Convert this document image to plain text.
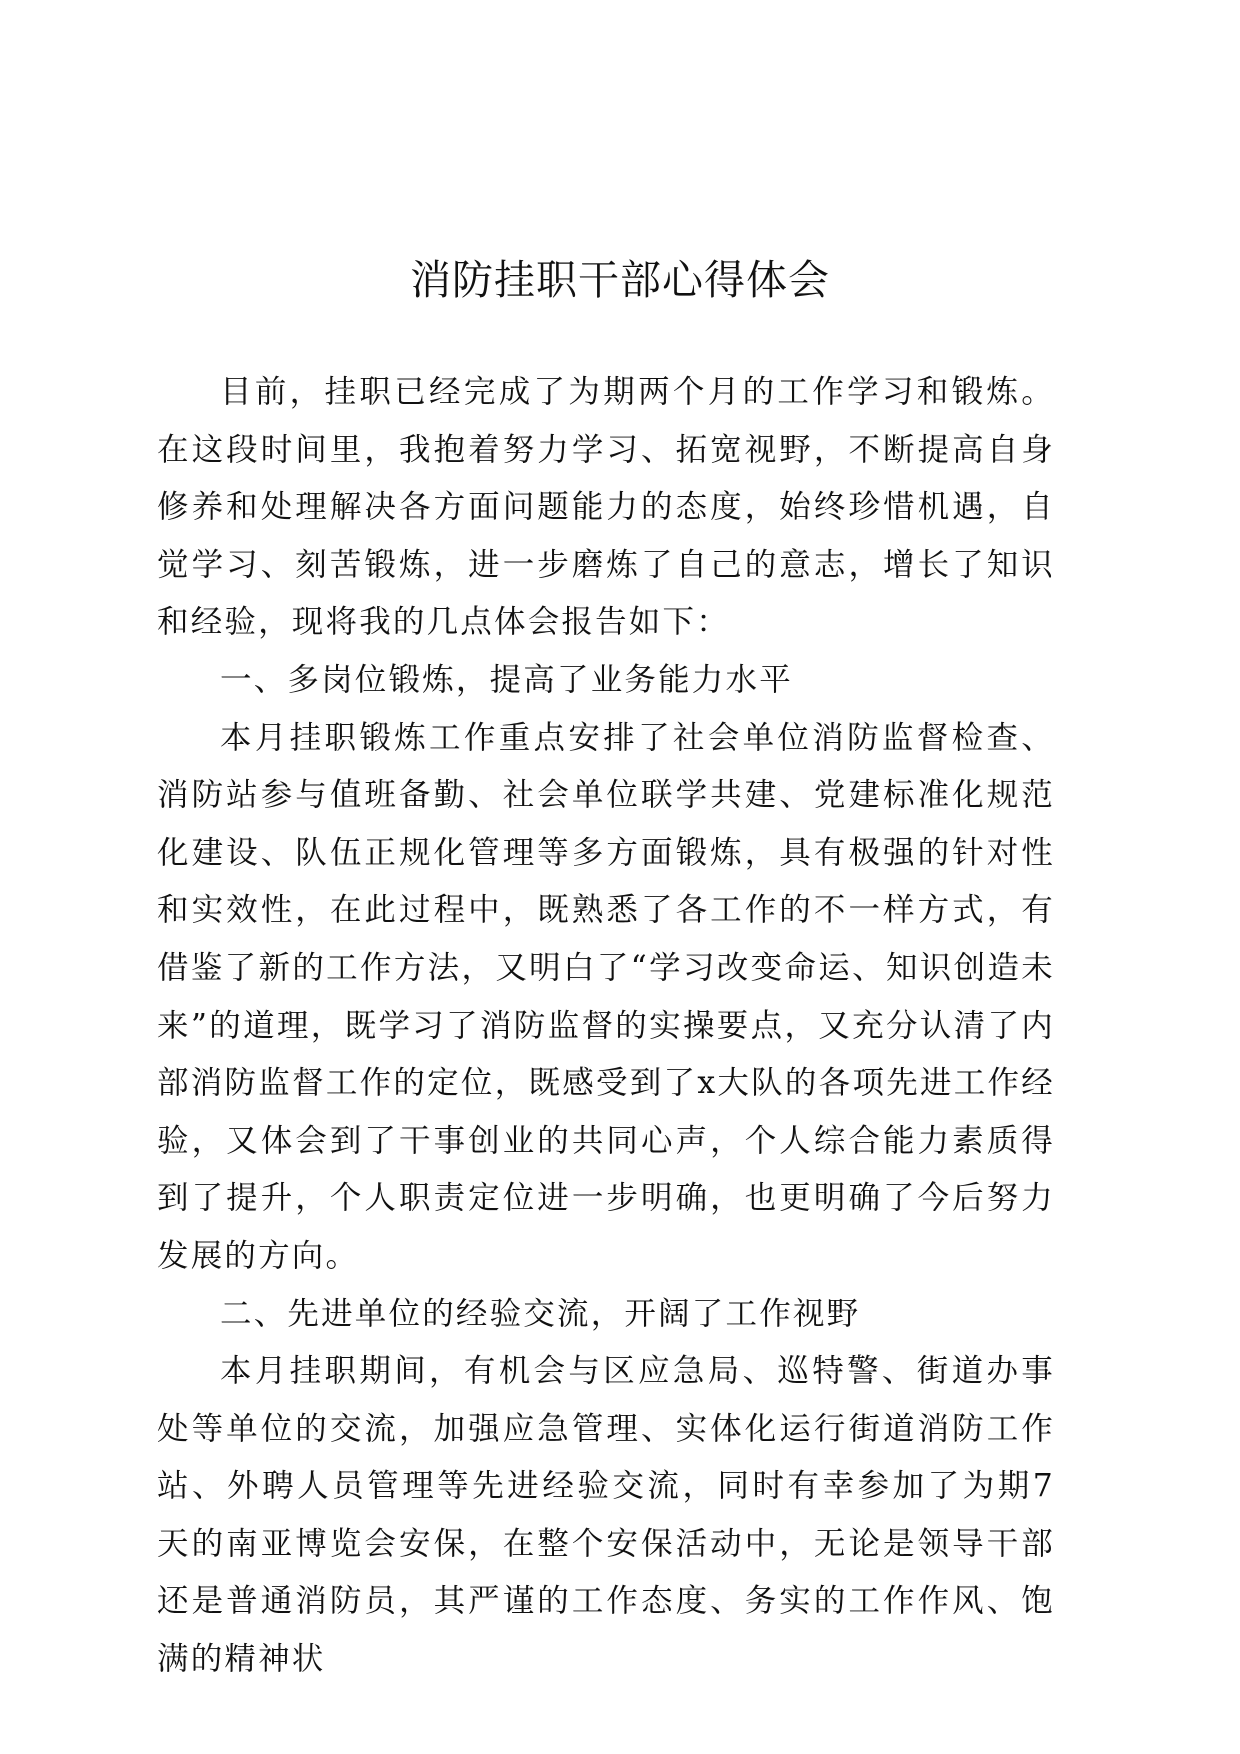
消防挂职干部心得体会

目前，挂职已经完成了为期两个月的工作学习和锻炼。在这段时间里，我抱着努力学习、拓宽视野，不断提高自身修养和处理解决各方面问题能力的态度，始终珍惜机遇，自觉学习、刻苦锻炼，进一步磨炼了自己的意志，增长了知识和经验，现将我的几点体会报告如下：

一、多岗位锻炼，提高了业务能力水平

本月挂职锻炼工作重点安排了社会单位消防监督检查、消防站参与值班备勤、社会单位联学共建、党建标准化规范化建设、队伍正规化管理等多方面锻炼，具有极强的针对性和实效性，在此过程中，既熟悉了各工作的不一样方式，有借鉴了新的工作方法，又明白了“学习改变命运、知识创造未来”的道理，既学习了消防监督的实操要点，又充分认清了内部消防监督工作的定位，既感受到了x大队的各项先进工作经验，又体会到了干事创业的共同心声，个人综合能力素质得到了提升，个人职责定位进一步明确，也更明确了今后努力发展的方向。

二、先进单位的经验交流，开阔了工作视野

本月挂职期间，有机会与区应急局、巡特警、街道办事处等单位的交流，加强应急管理、实体化运行街道消防工作站、外聘人员管理等先进经验交流，同时有幸参加了为期7天的南亚博览会安保，在整个安保活动中，无论是领导干部还是普通消防员，其严谨的工作态度、务实的工作作风、饱满的精神状
